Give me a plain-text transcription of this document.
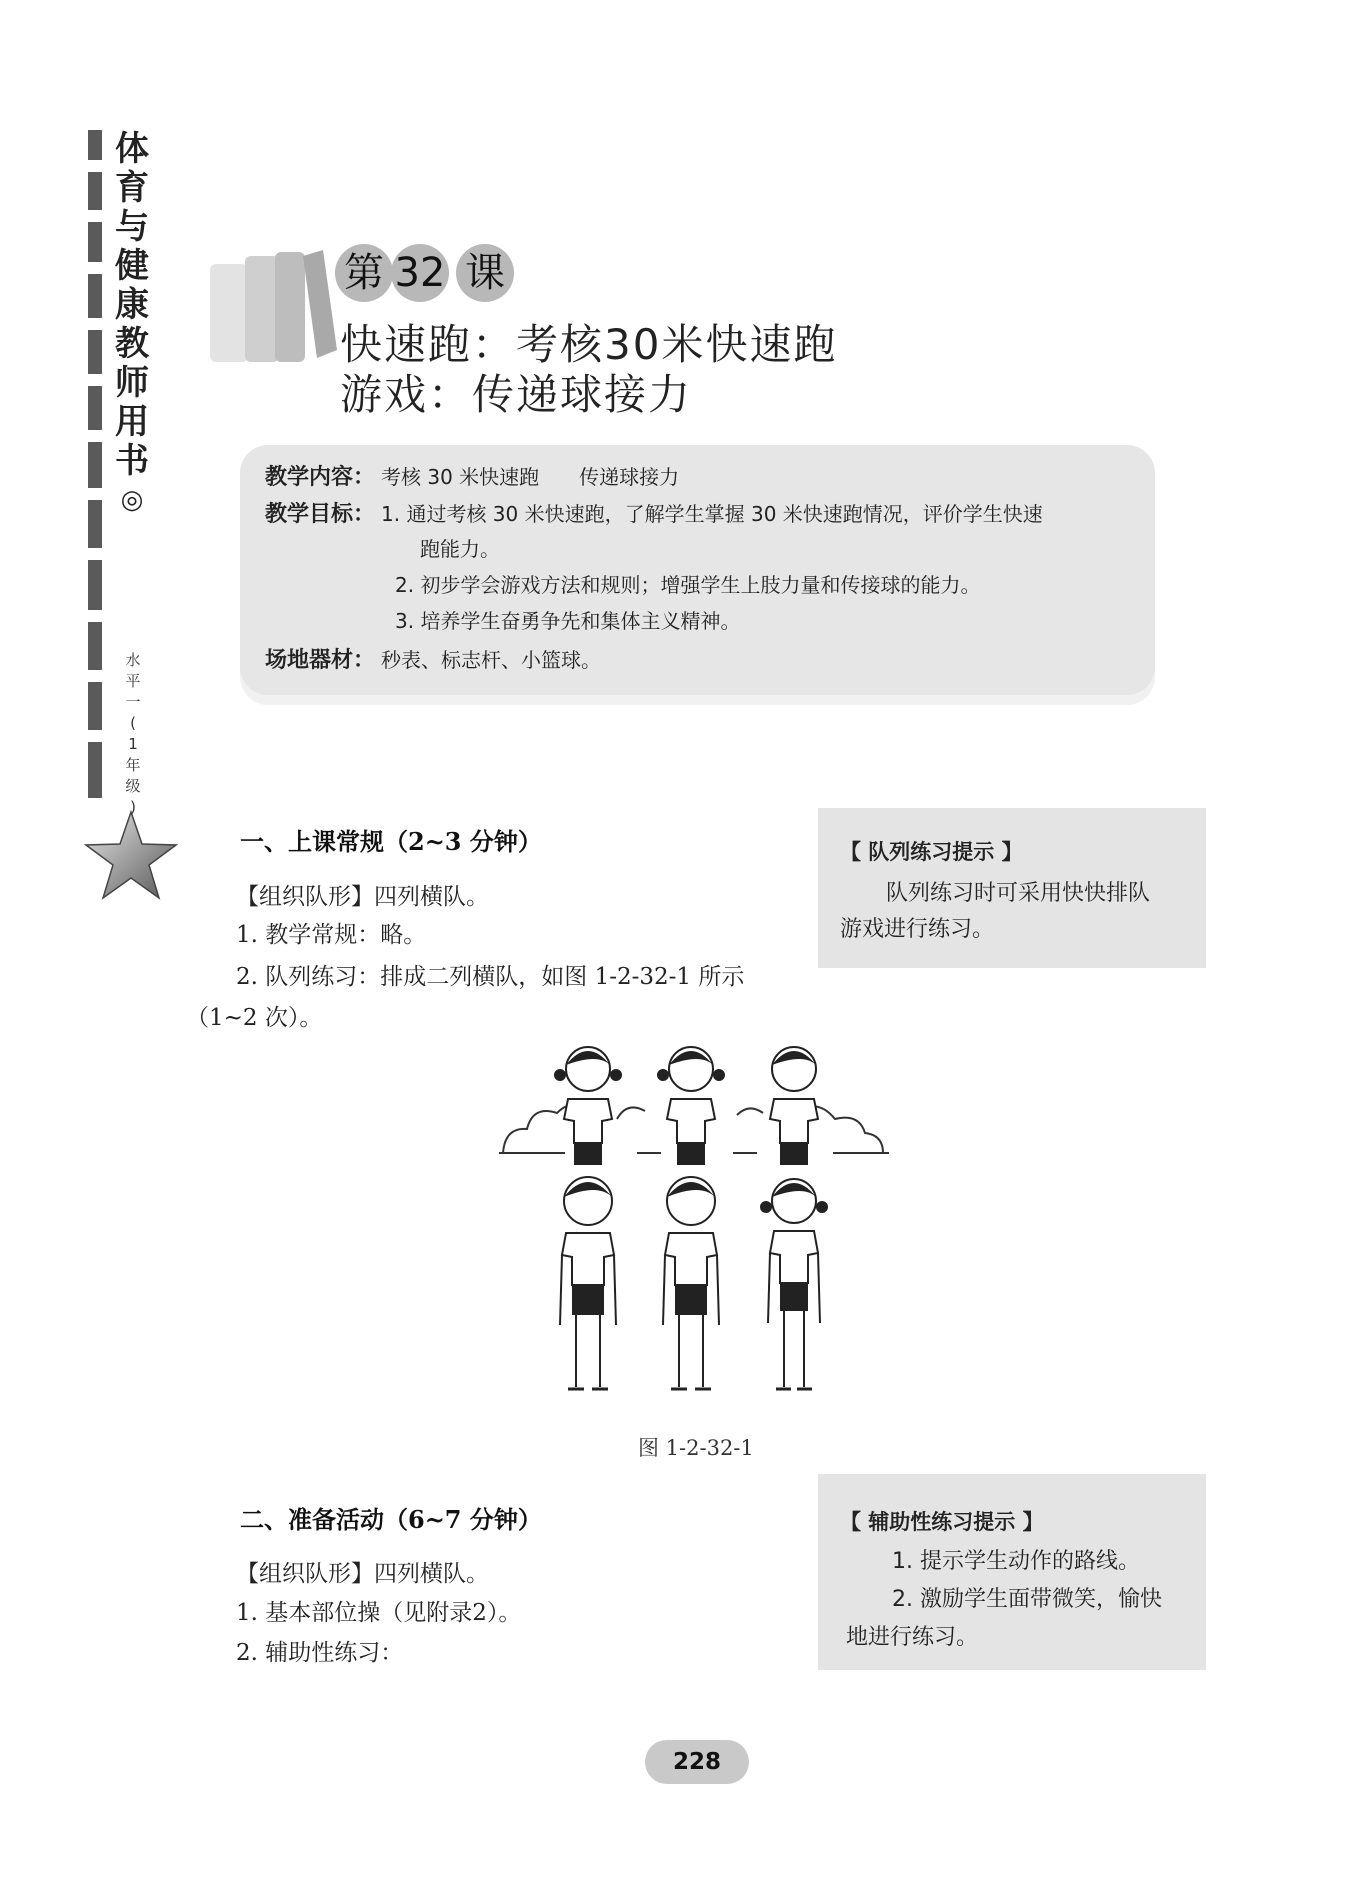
体
育
与
健
康
教
师
用
书
◎
水
平
一
(
1
年
级
)
第 32 课
快速跑：考核30米快速跑
游戏：传递球接力
教学内容： 考核 30 米快速跑　　传递球接力
教学目标： 1. 通过考核 30 米快速跑，了解学生掌握 30 米快速跑情况，评价学生快速
跑能力。
2. 初步学会游戏方法和规则；增强学生上肢力量和传接球的能力。
3. 培养学生奋勇争先和集体主义精神。
场地器材： 秒表、标志杆、小篮球。
一、上课常规（2~3 分钟）
【组织队形】四列横队。
1. 教学常规：略。
2. 队列练习：排成二列横队，如图 1-2-32-1 所示
（1~2 次）。
【 队列练习提示 】
队列练习时可采用快快排队
游戏进行练习。
图 1-2-32-1
二、准备活动（6~7 分钟）
【组织队形】四列横队。
1. 基本部位操（见附录2）。
2. 辅助性练习：
【 辅助性练习提示 】
1. 提示学生动作的路线。
2. 激励学生面带微笑，愉快
地进行练习。
228
